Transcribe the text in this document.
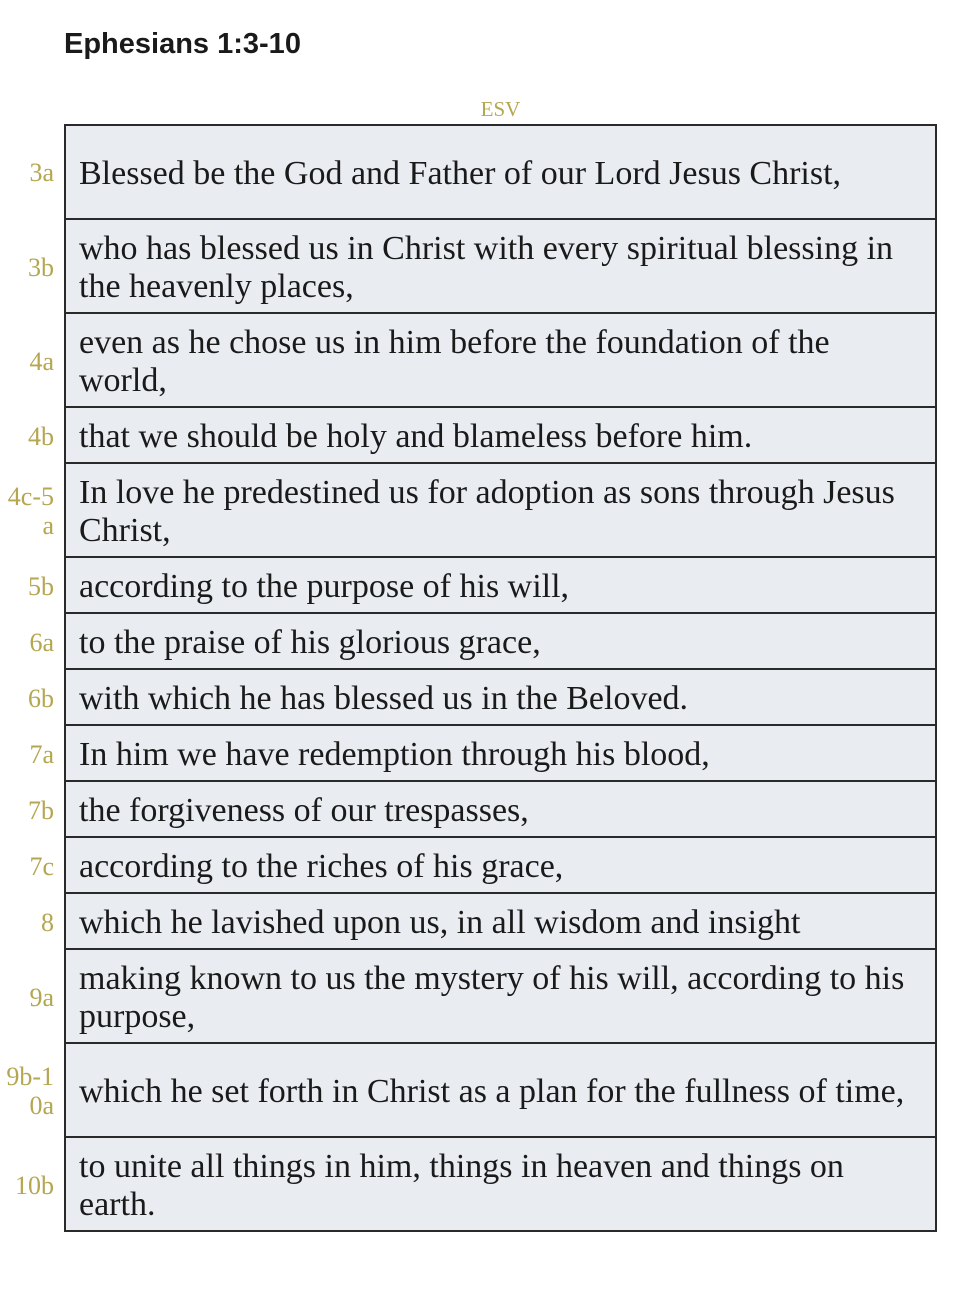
Ephesians 1:3-10
ESV
3a Blessed be the God and Father of our Lord Jesus Christ,
3b who has blessed us in Christ with every spiritual blessing in the heavenly places,
4a even as he chose us in him before the foundation of the world,
4b that we should be holy and blameless before him.
4c-5a
In love he predestined us for adoption as sons through Jesus Christ,
5b according to the purpose of his will,
6a to the praise of his glorious grace,
6b with which he has blessed us in the Beloved.
7a In him we have redemption through his blood,
7b the forgiveness of our trespasses,
7c according to the riches of his grace,
8 which he lavished upon us, in all wisdom and insight
9a making known to us the mystery of his will, according to his purpose,
9b-10a which he set forth in Christ as a plan for the fullness of time,
10b to unite all things in him, things in heaven and things on earth.
